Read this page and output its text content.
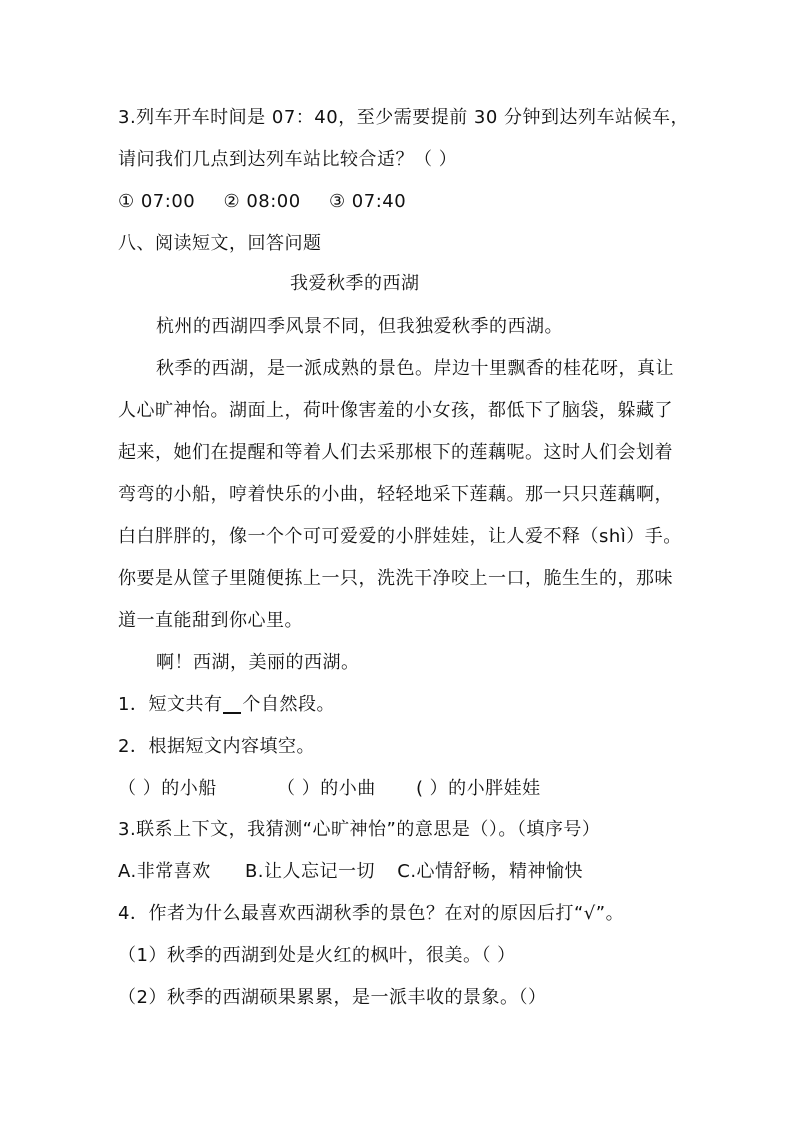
3.列车开车时间是 07：40，至少需要提前 30 分钟到达列车站候车，
请问我们几点到达列车站比较合适？（ ）
① 07:00 ② 08:00 ③ 07:40
八、阅读短文，回答问题
我爱秋季的西湖
杭州的西湖四季风景不同，但我独爱秋季的西湖。
秋季的西湖，是一派成熟的景色。岸边十里飘香的桂花呀，真让
人心旷神怡。湖面上，荷叶像害羞的小女孩，都低下了脑袋，躲藏了
起来，她们在提醒和等着人们去采那根下的莲藕呢。这时人们会划着
弯弯的小船，哼着快乐的小曲，轻轻地采下莲藕。那一只只莲藕啊，
白白胖胖的，像一个个可可爱爱的小胖娃娃，让人爱不释（shì）手。
你要是从筐子里随便拣上一只，洗洗干净咬上一口，脆生生的，那味
道一直能甜到你心里。
啊！西湖，美丽的西湖。
1．短文共有 个自然段。
2．根据短文内容填空。
（ ）的小船	（ ）的小曲 ( ）的小胖娃娃
3.联系上下文，我猜测“心旷神怡”的意思是（）。（填序号）
A.非常喜欢 B.让人忘记一切 C.心情舒畅，精神愉快
4．作者为什么最喜欢西湖秋季的景色？在对的原因后打“√”。
（1）秋季的西湖到处是火红的枫叶，很美。（ ）
（2）秋季的西湖硕果累累，是一派丰收的景象。（）
